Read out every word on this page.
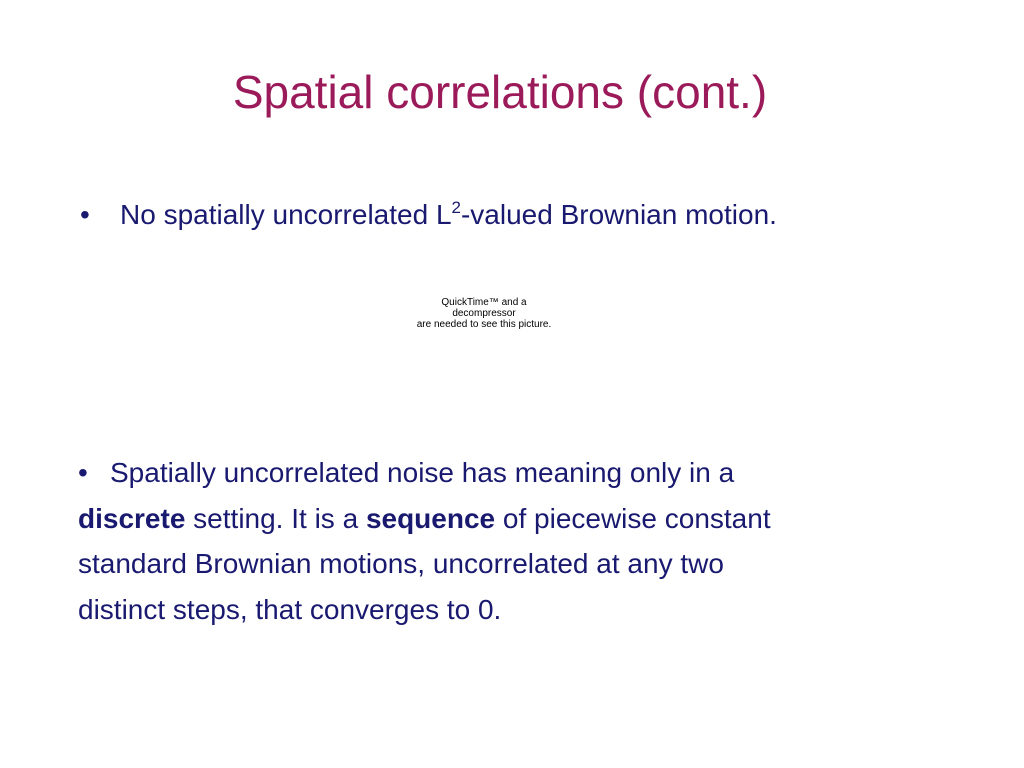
Spatial correlations (cont.)
• No spatially uncorrelated $L^2$-valued Brownian motion.
QuickTime™ and a
decompressor
are needed to see this picture.
• Spatially uncorrelated noise has meaning only in a
discrete setting. It is a sequence of piecewise constant
standard Brownian motions, uncorrelated at any two
distinct steps, that converges to 0.
